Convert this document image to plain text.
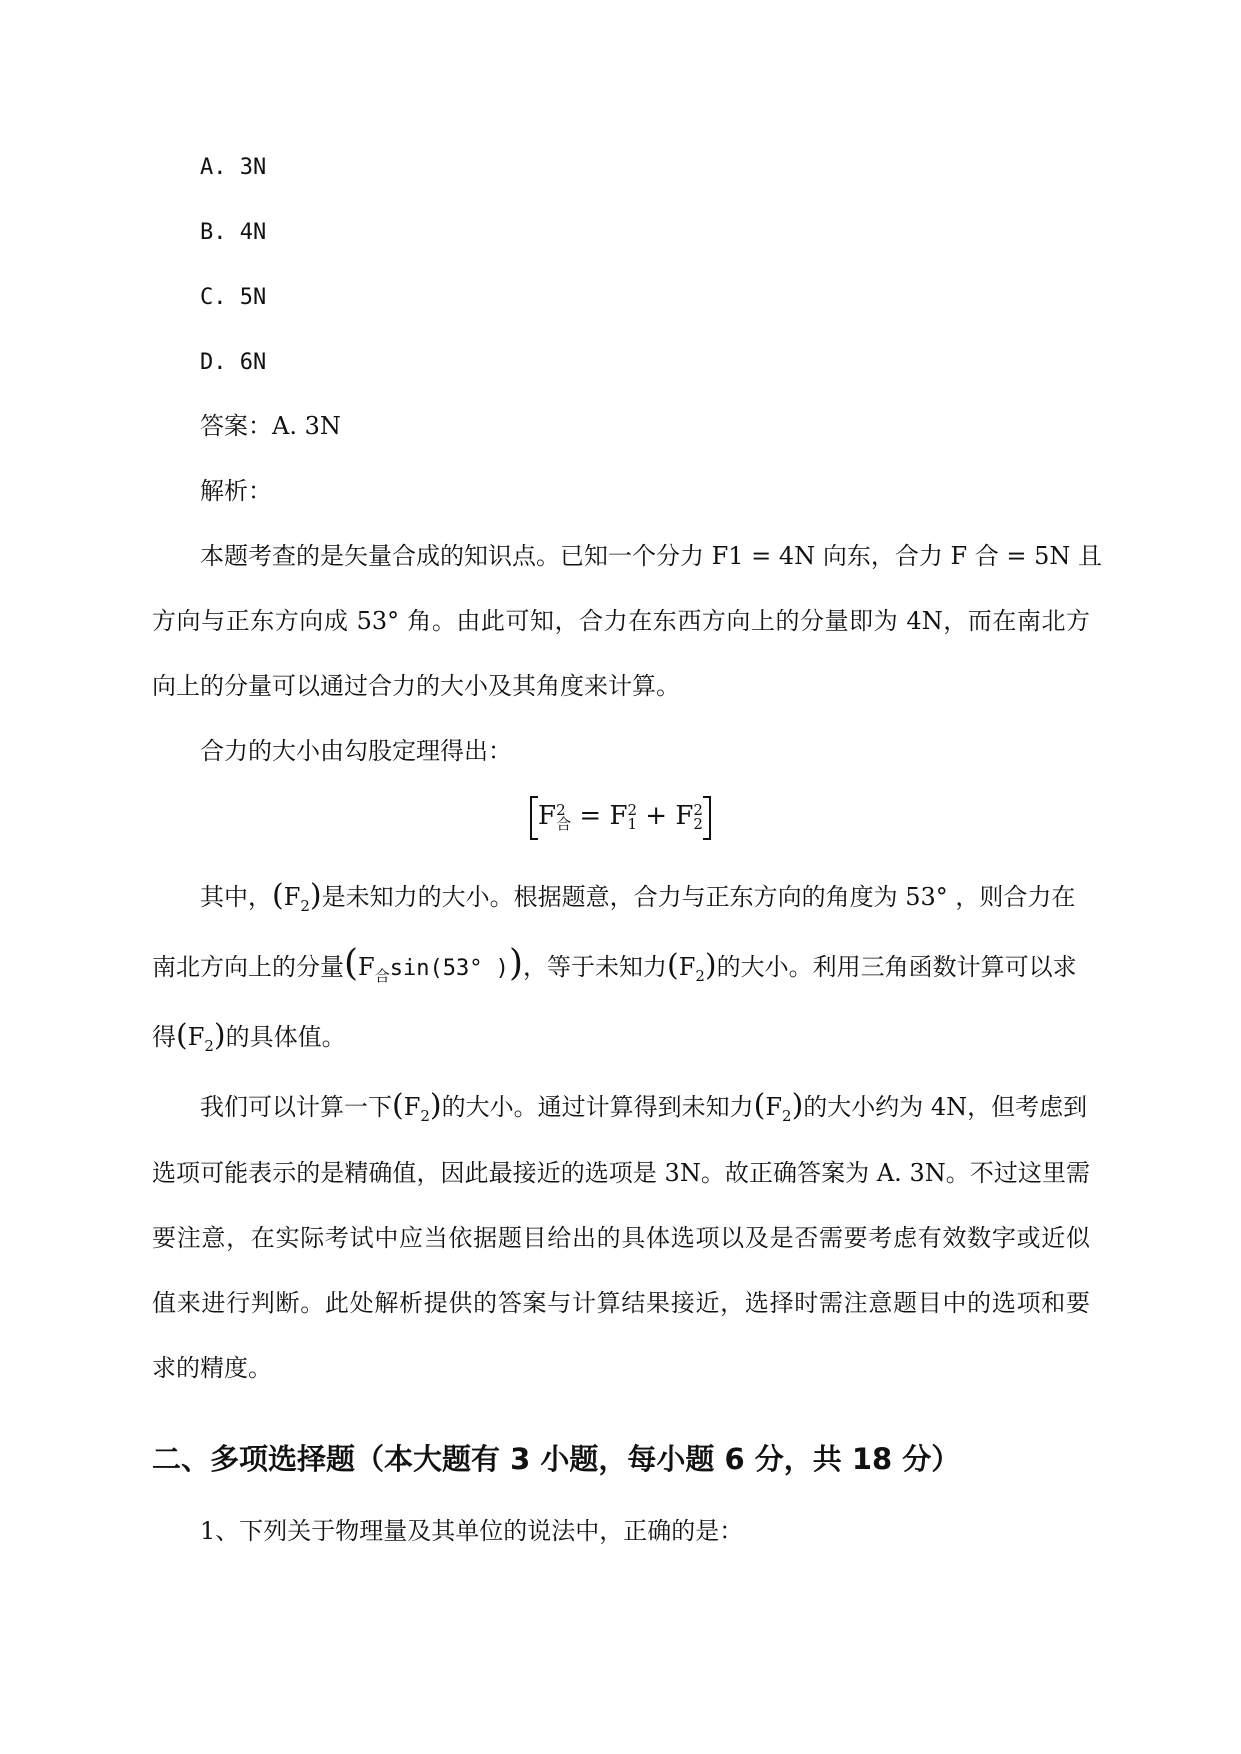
A. 3N
B. 4N
C. 5N
D. 6N
答案：A. 3N
解析：
本题考查的是矢量合成的知识点。已知一个分力 F1 = 4N 向东，合力 F 合 = 5N 且
方向与正东方向成 53° 角。由此可知，合力在东西方向上的分量即为 4N，而在南北方
向上的分量可以通过合力的大小及其角度来计算。
合力的大小由勾股定理得出：
F 2
合 = F 2
1 + F 2
2
其中，$(F_2)$是未知力的大小。根据题意，合力与正东方向的角度为 53° ，则合力在
南北方向上的分量($F_合\sin(53^\circ$ ))，等于未知力$(F_2)$的大小。利用三角函数计算可以求
得$(F_2)$的具体值。
我们可以计算一下$(F_2)$的大小。通过计算得到未知力$(F_2)$的大小约为 4N，但考虑到
选项可能表示的是精确值，因此最接近的选项是 3N。故正确答案为 A. 3N。不过这里需
要注意，在实际考试中应当依据题目给出的具体选项以及是否需要考虑有效数字或近似
值来进行判断。此处解析提供的答案与计算结果接近，选择时需注意题目中的选项和要
求的精度。
二、多项选择题（本大题有 3 小题，每小题 6 分，共 18 分）
1、下列关于物理量及其单位的说法中，正确的是：
